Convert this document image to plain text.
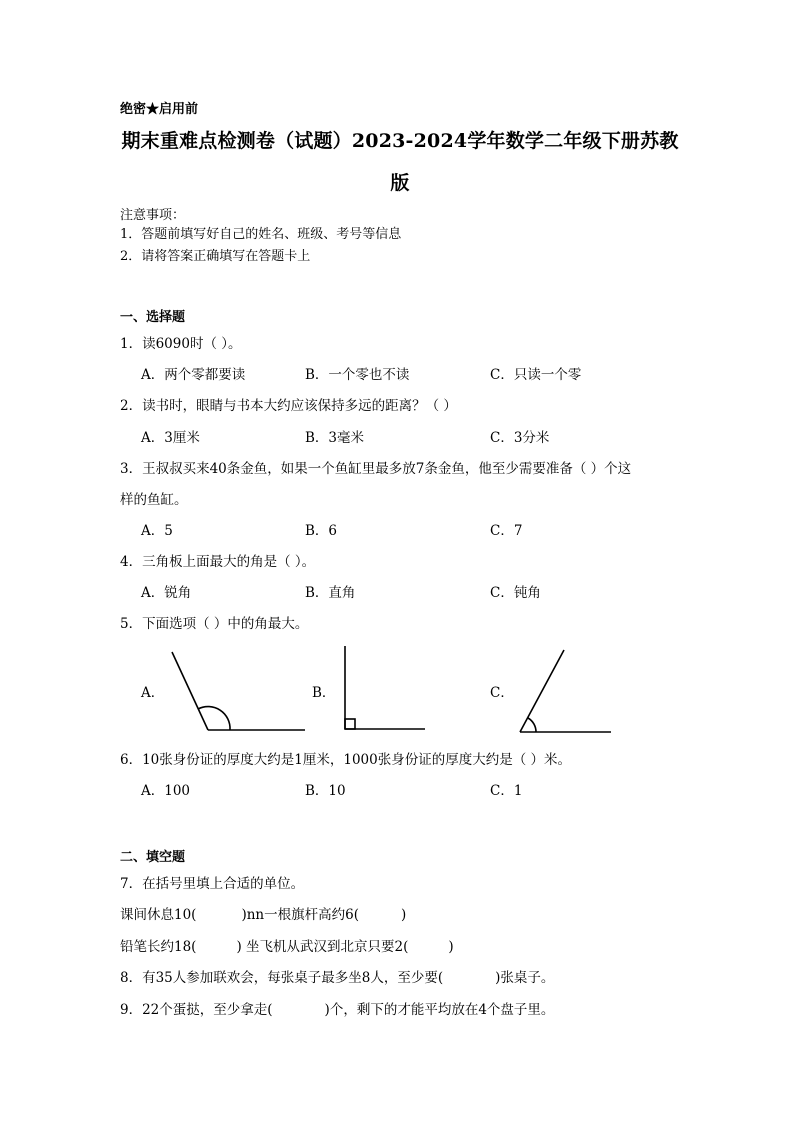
绝密★启用前
期末重难点检测卷（试题）2023-2024学年数学二年级下册苏教
版
注意事项：
1．答题前填写好自己的姓名、班级、考号等信息
2．请将答案正确填写在答题卡上
一、选择题
1．读6090时（ ）。
A．两个零都要读	B．一个零也不读	C．只读一个零
2．读书时，眼睛与书本大约应该保持多远的距离？（ ）
A．3厘米	B．3毫米	C．3分米
3．王叔叔买来40条金鱼，如果一个鱼缸里最多放7条金鱼，他至少需要准备（ ）个这
样的鱼缸。
A．5	B．6	C．7
4．三角板上面最大的角是（ ）。
A．锐角	B．直角	C．钝角
5．下面选项（ ）中的角最大。
A．	B．	C．
6．10张身份证的厚度大约是1厘米，1000张身份证的厚度大约是（ ）米。
A．100	B．10	C．1
二、填空题
7．在括号里填上合适的单位。
课间休息10(	)nn一根旗杆高约6(	)
铅笔长约18(	) 坐飞机从武汉到北京只要2(	)
8．有35人参加联欢会，每张桌子最多坐8人，至少要(	)张桌子。
9．22个蛋挞，至少拿走(	)个，剩下的才能平均放在4个盘子里。
